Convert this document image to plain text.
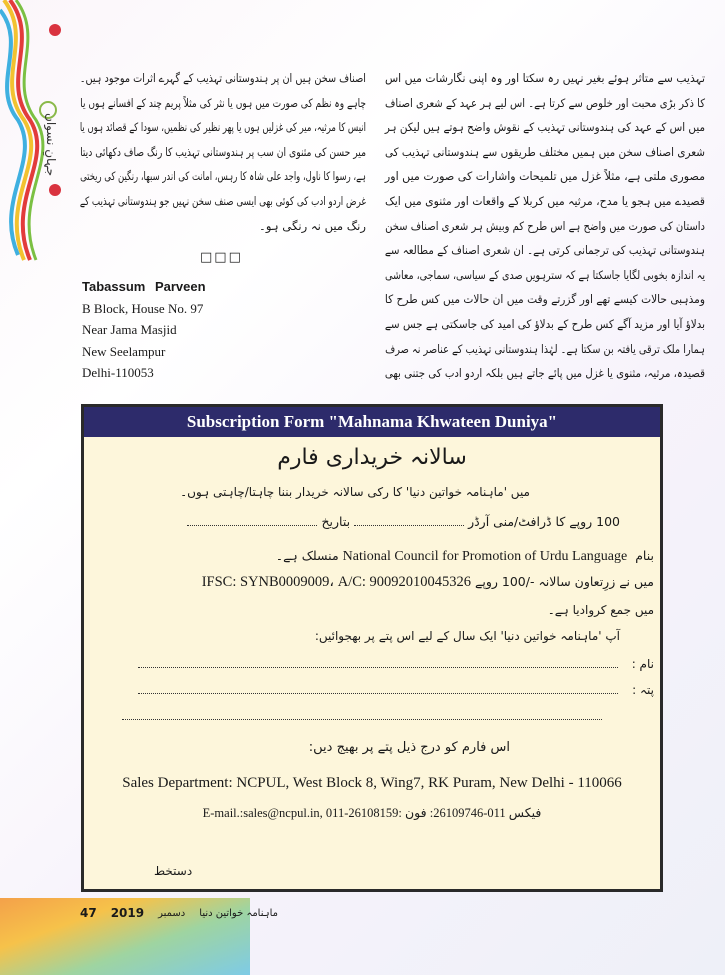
جہانِ نسواں

تہذیب سے متاثر ہوئے بغیر نہیں رہ سکتا اور وہ اپنی نگارشات میں اس

کا ذکر بڑی محبت اور خلوص سے کرتا ہے۔ اس لیے ہر عہد کے شعری اصناف

میں اس کے عہد کی ہندوستانی تہذیب کے نقوش واضح ہوتے ہیں لیکن ہر

شعری اصناف سخن میں ہمیں مختلف طریقوں سے ہندوستانی تہذیب کی

مصوری ملتی ہے، مثلاً غزل میں تلمیحات واشارات کی صورت میں اور

قصیدے میں ہجو یا مدح، مرثیہ میں کربلا کے واقعات اور مثنوی میں ایک

داستان کی صورت میں واضح ہے اس طرح کم وبیش ہر شعری اصناف سخن

ہندوستانی تہذیب کی ترجمانی کرتی ہے۔ ان شعری اصناف کے مطالعہ سے

یہ اندازہ بخوبی لگایا جاسکتا ہے کہ سترہویں صدی کے سیاسی، سماجی، معاشی

ومذہبی حالات کیسے تھے اور گزرتے وقت میں ان حالات میں کس طرح کا

بدلاؤ آیا اور مزید آگے کس طرح کے بدلاؤ کی امید کی جاسکتی ہے جس سے

ہمارا ملک ترقی یافتہ بن سکتا ہے۔ لہٰذا ہندوستانی تہذیب کے عناصر نہ صرف

قصیدہ، مرثیہ، مثنوی یا غزل میں پائے جاتے ہیں بلکہ اردو ادب کی جتنی بھی

اصناف سخن ہیں ان پر ہندوستانی تہذیب کے گہرے اثرات موجود ہیں۔

چاہے وہ نظم کی صورت میں ہوں یا نثر کی مثلاً پریم چند کے افسانے ہوں یا

انیس کا مرثیہ، میر کی غزلیں ہوں یا پھر نظیر کی نظمیں، سودا کے قصائد ہوں یا

میر حسن کی مثنوی ان سب پر ہندوستانی تہذیب کا رنگ صاف دکھائی دیتا

ہے، رسوا کا ناول، واجد علی شاہ کا رہس، امانت کی اندر سبھا، رنگین کی ریختی

غرض اردو ادب کی کوئی بھی ایسی صنف سخن نہیں جو ہندوستانی تہذیب کے

رنگ میں نہ رنگی ہو۔

□□□
Tabassum Parveen
B Block, House No. 97
Near Jama Masjid
New Seelampur
Delhi-110053
Subscription Form "Mahnama Khwateen Duniya"
سالانہ خریداری فارم
میں 'ماہنامہ خواتین دنیا' کا رکی سالانہ خریدار بننا چاہتا/چاہتی ہوں۔
100 روپے کا ڈرافٹ/منی آرڈر  بتاریخ
بنام  National Council for Promotion of Urdu Language منسلک ہے۔
میں نے زرِتعاون سالانہ -/100 روپے IFSC: SYNB0009009، A/C: 90092010045326
میں جمع کروادیا ہے۔
آپ 'ماہنامہ خواتین دنیا' ایک سال کے لیے اس پتے پر بھجوائیں:
نام :
پتہ :
اس فارم کو درج ذیل پتے پر بھیج دیں:
Sales Department: NCPUL, West Block 8, Wing7, RK Puram, New Delhi - 110066
E-mail.:sales@ncpul.in, 011-26108159: فیکس 011-26109746: فون
دستخط
47 2019 دسمبر ماہنامہ خواتین دنیا
